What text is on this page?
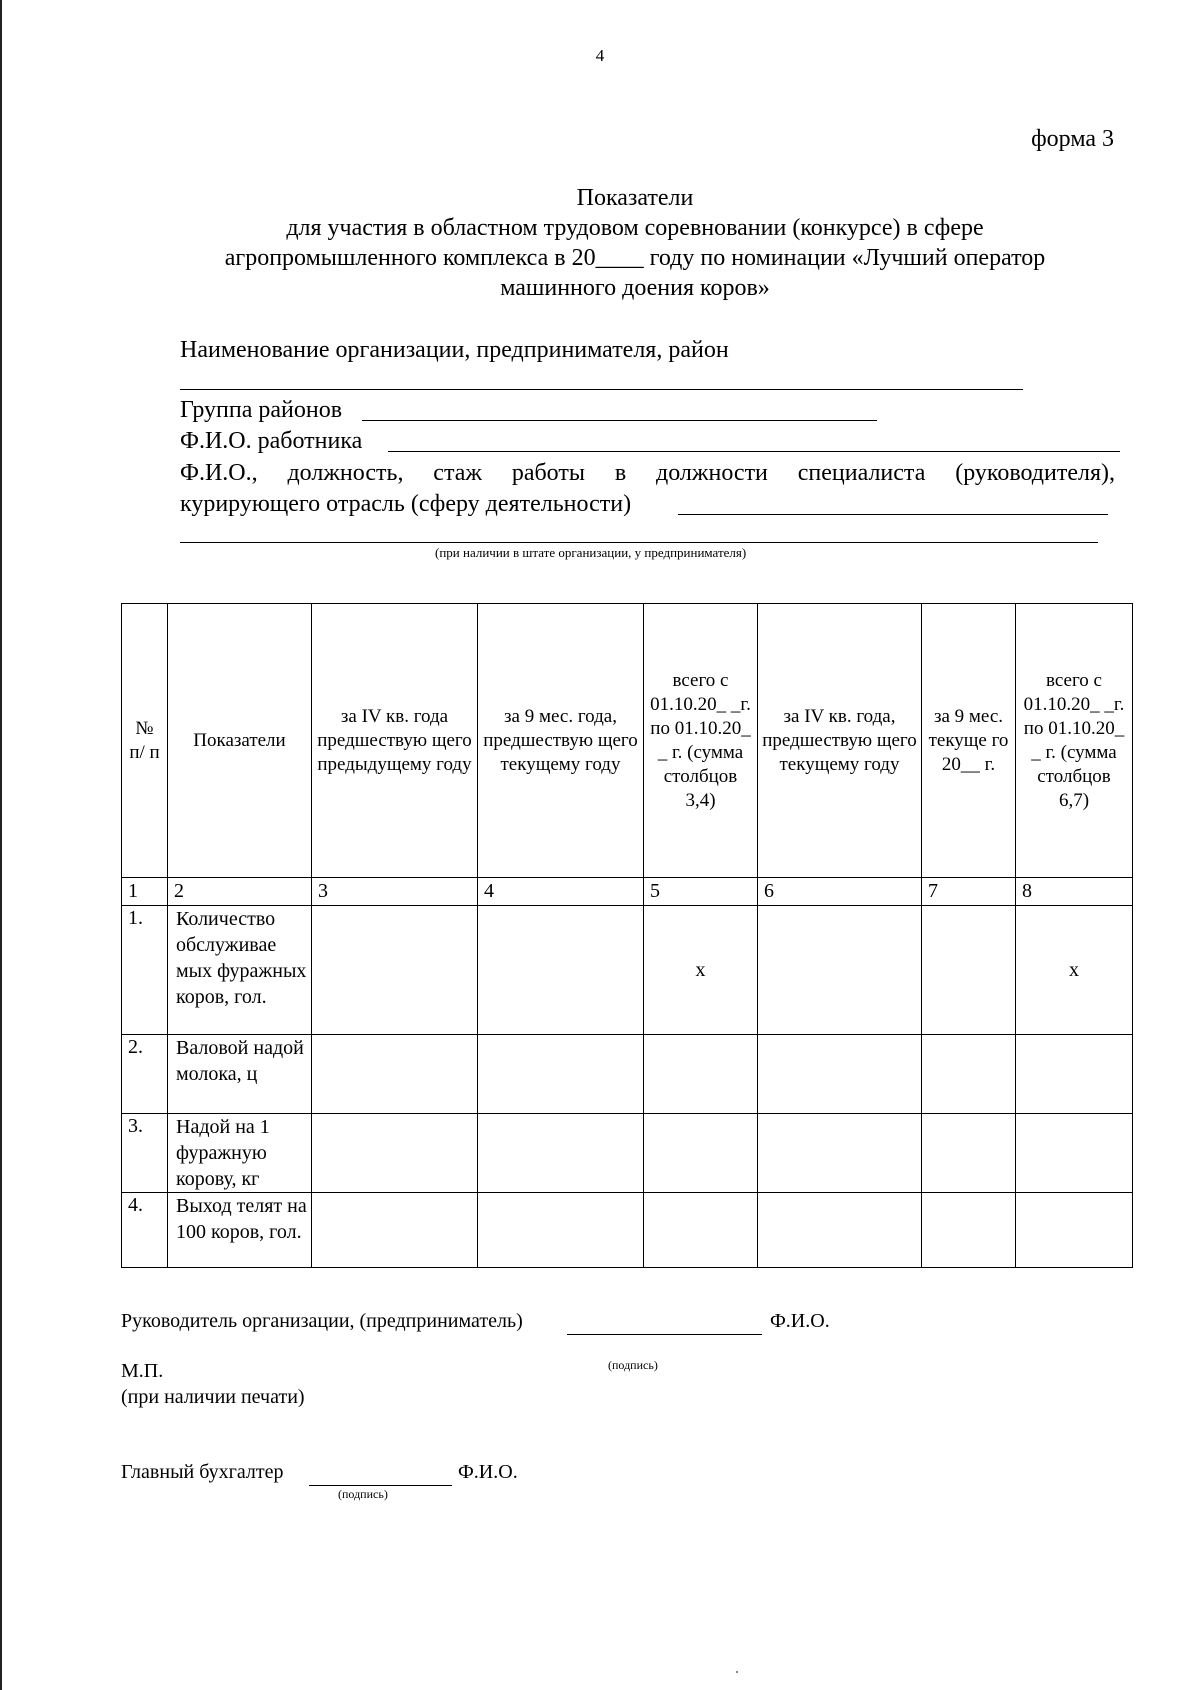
4
форма 3
Показатели
для участия в областном трудовом соревновании (конкурсе) в сфере
агропромышленного комплекса в 20____ году по номинации «Лучший оператор
машинного доения коров»
Наименование организации, предпринимателя, район
Группа районов
Ф.И.О. работника
Ф.И.О., должность, стаж работы в должности специалиста (руководителя),
курирующего отрасль (сферу деятельности)
(при наличии в штате организации, у предпринимателя)
№ п/ п	Показатели	за IV кв. года предшествую щего предыдущему году	за 9 мес. года, предшествую щего текущему году	всего с 01.10.20_ _г. по 01.10.20_ _ г. (сумма столбцов 3,4)	за IV кв. года, предшествую щего текущему году	за 9 мес. текуще го 20__ г.	всего с 01.10.20_ _г. по 01.10.20_ _ г. (сумма столбцов 6,7)
1	2	3	4	5	6	7	8
1.	Количество обслуживае мых фуражных коров, гол.			x			x
2.	Валовой надой молока, ц						
3.	Надой на 1 фуражную корову, кг						
4.	Выход телят на 100 коров, гол.						
Руководитель организации, (предприниматель)	Ф.И.О.
(подпись)
М.П.
(при наличии печати)
Главный бухгалтер	Ф.И.О.
(подпись)
